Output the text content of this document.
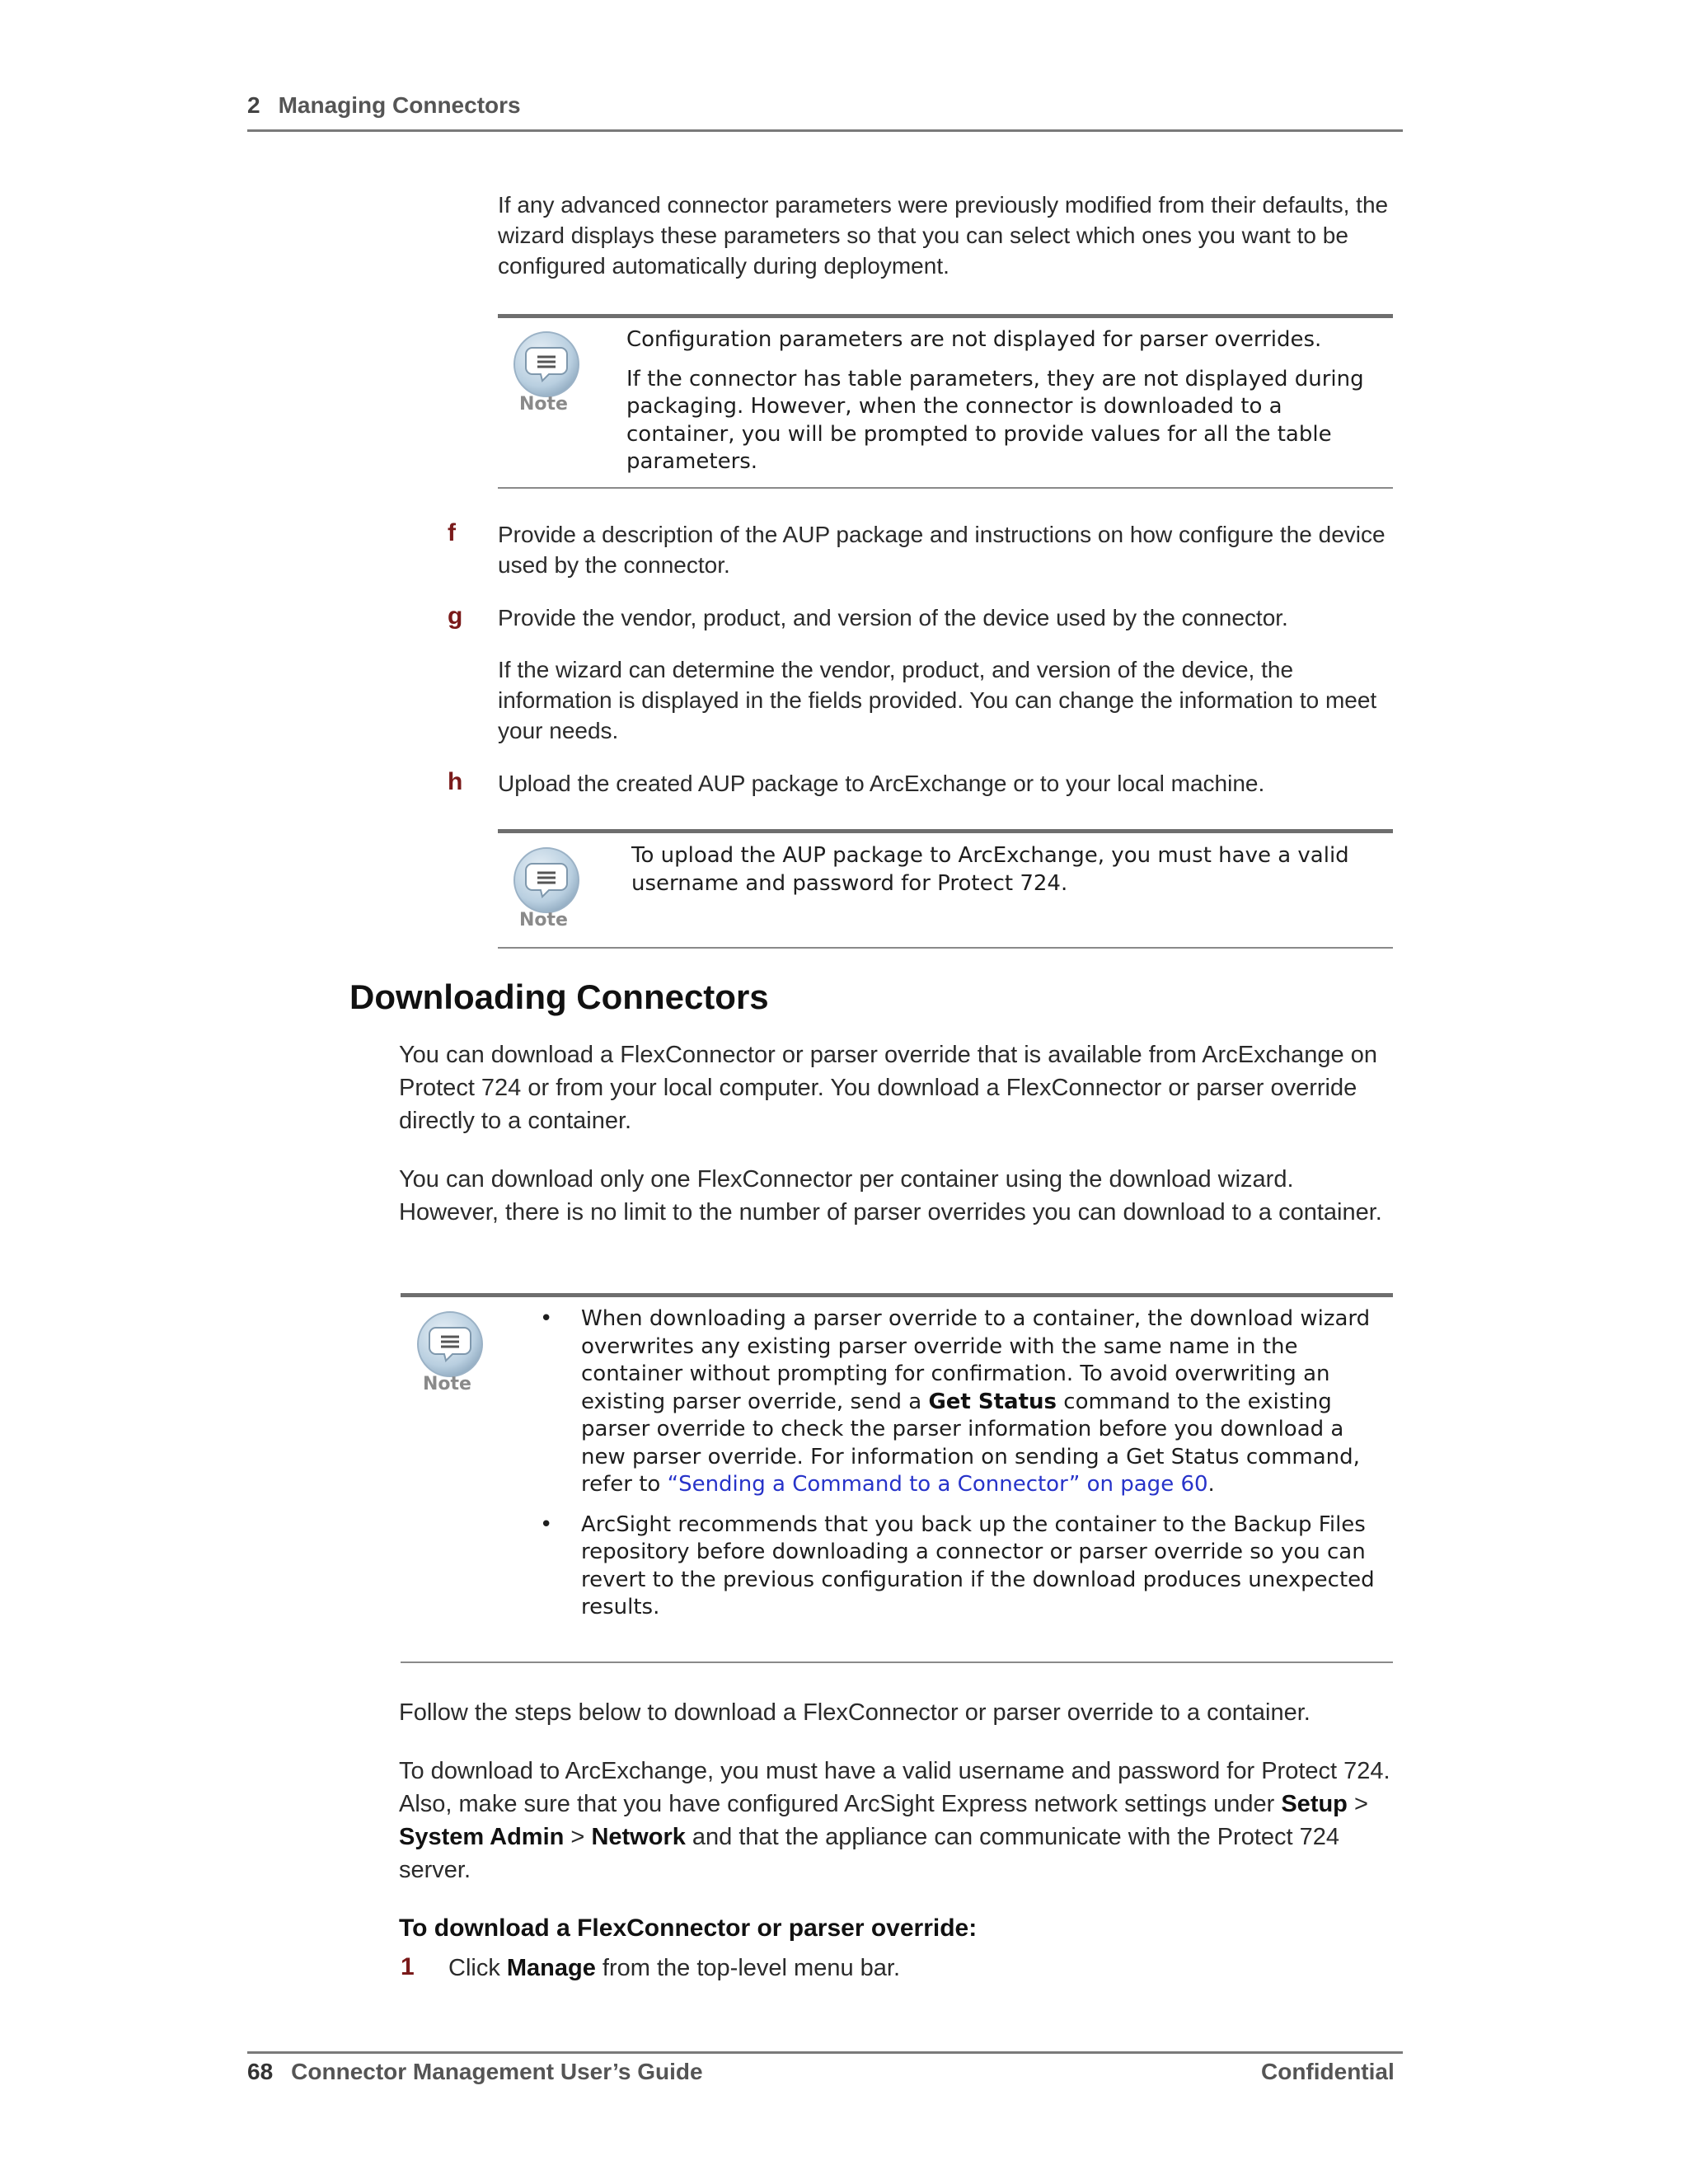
2 Managing Connectors
If any advanced connector parameters were previously modified from their defaults, the wizard displays these parameters so that you can select which ones you want to be configured automatically during deployment.
Note

Configuration parameters are not displayed for parser overrides.

If the connector has table parameters, they are not displayed during packaging. However, when the connector is downloaded to a container, you will be prompted to provide values for all the table parameters.

f Provide a description of the AUP package and instructions on how configure the device used by the connector.
g Provide the vendor, product, and version of the device used by the connector.
If the wizard can determine the vendor, product, and version of the device, the information is displayed in the fields provided. You can change the information to meet your needs.
h Upload the created AUP package to ArcExchange or to your local machine.
Note
To upload the AUP package to ArcExchange, you must have a valid username and password for Protect 724.
Downloading Connectors
You can download a FlexConnector or parser override that is available from ArcExchange on Protect 724 or from your local computer. You download a FlexConnector or parser override directly to a container.
You can download only one FlexConnector per container using the download wizard. However, there is no limit to the number of parser overrides you can download to a container.
Note
• When downloading a parser override to a container, the download wizard overwrites any existing parser override with the same name in the container without prompting for confirmation. To avoid overwriting an existing parser override, send a Get Status command to the existing parser override to check the parser information before you download a new parser override. For information on sending a Get Status command, refer to “Sending a Command to a Connector” on page 60.
• ArcSight recommends that you back up the container to the Backup Files repository before downloading a connector or parser override so you can revert to the previous configuration if the download produces unexpected results.
Follow the steps below to download a FlexConnector or parser override to a container.
To download to ArcExchange, you must have a valid username and password for Protect 724. Also, make sure that you have configured ArcSight Express network settings under Setup > System Admin > Network and that the appliance can communicate with the Protect 724 server.
To download a FlexConnector or parser override:
1 Click Manage from the top-level menu bar.
68 Connector Management User’s Guide	Confidential
